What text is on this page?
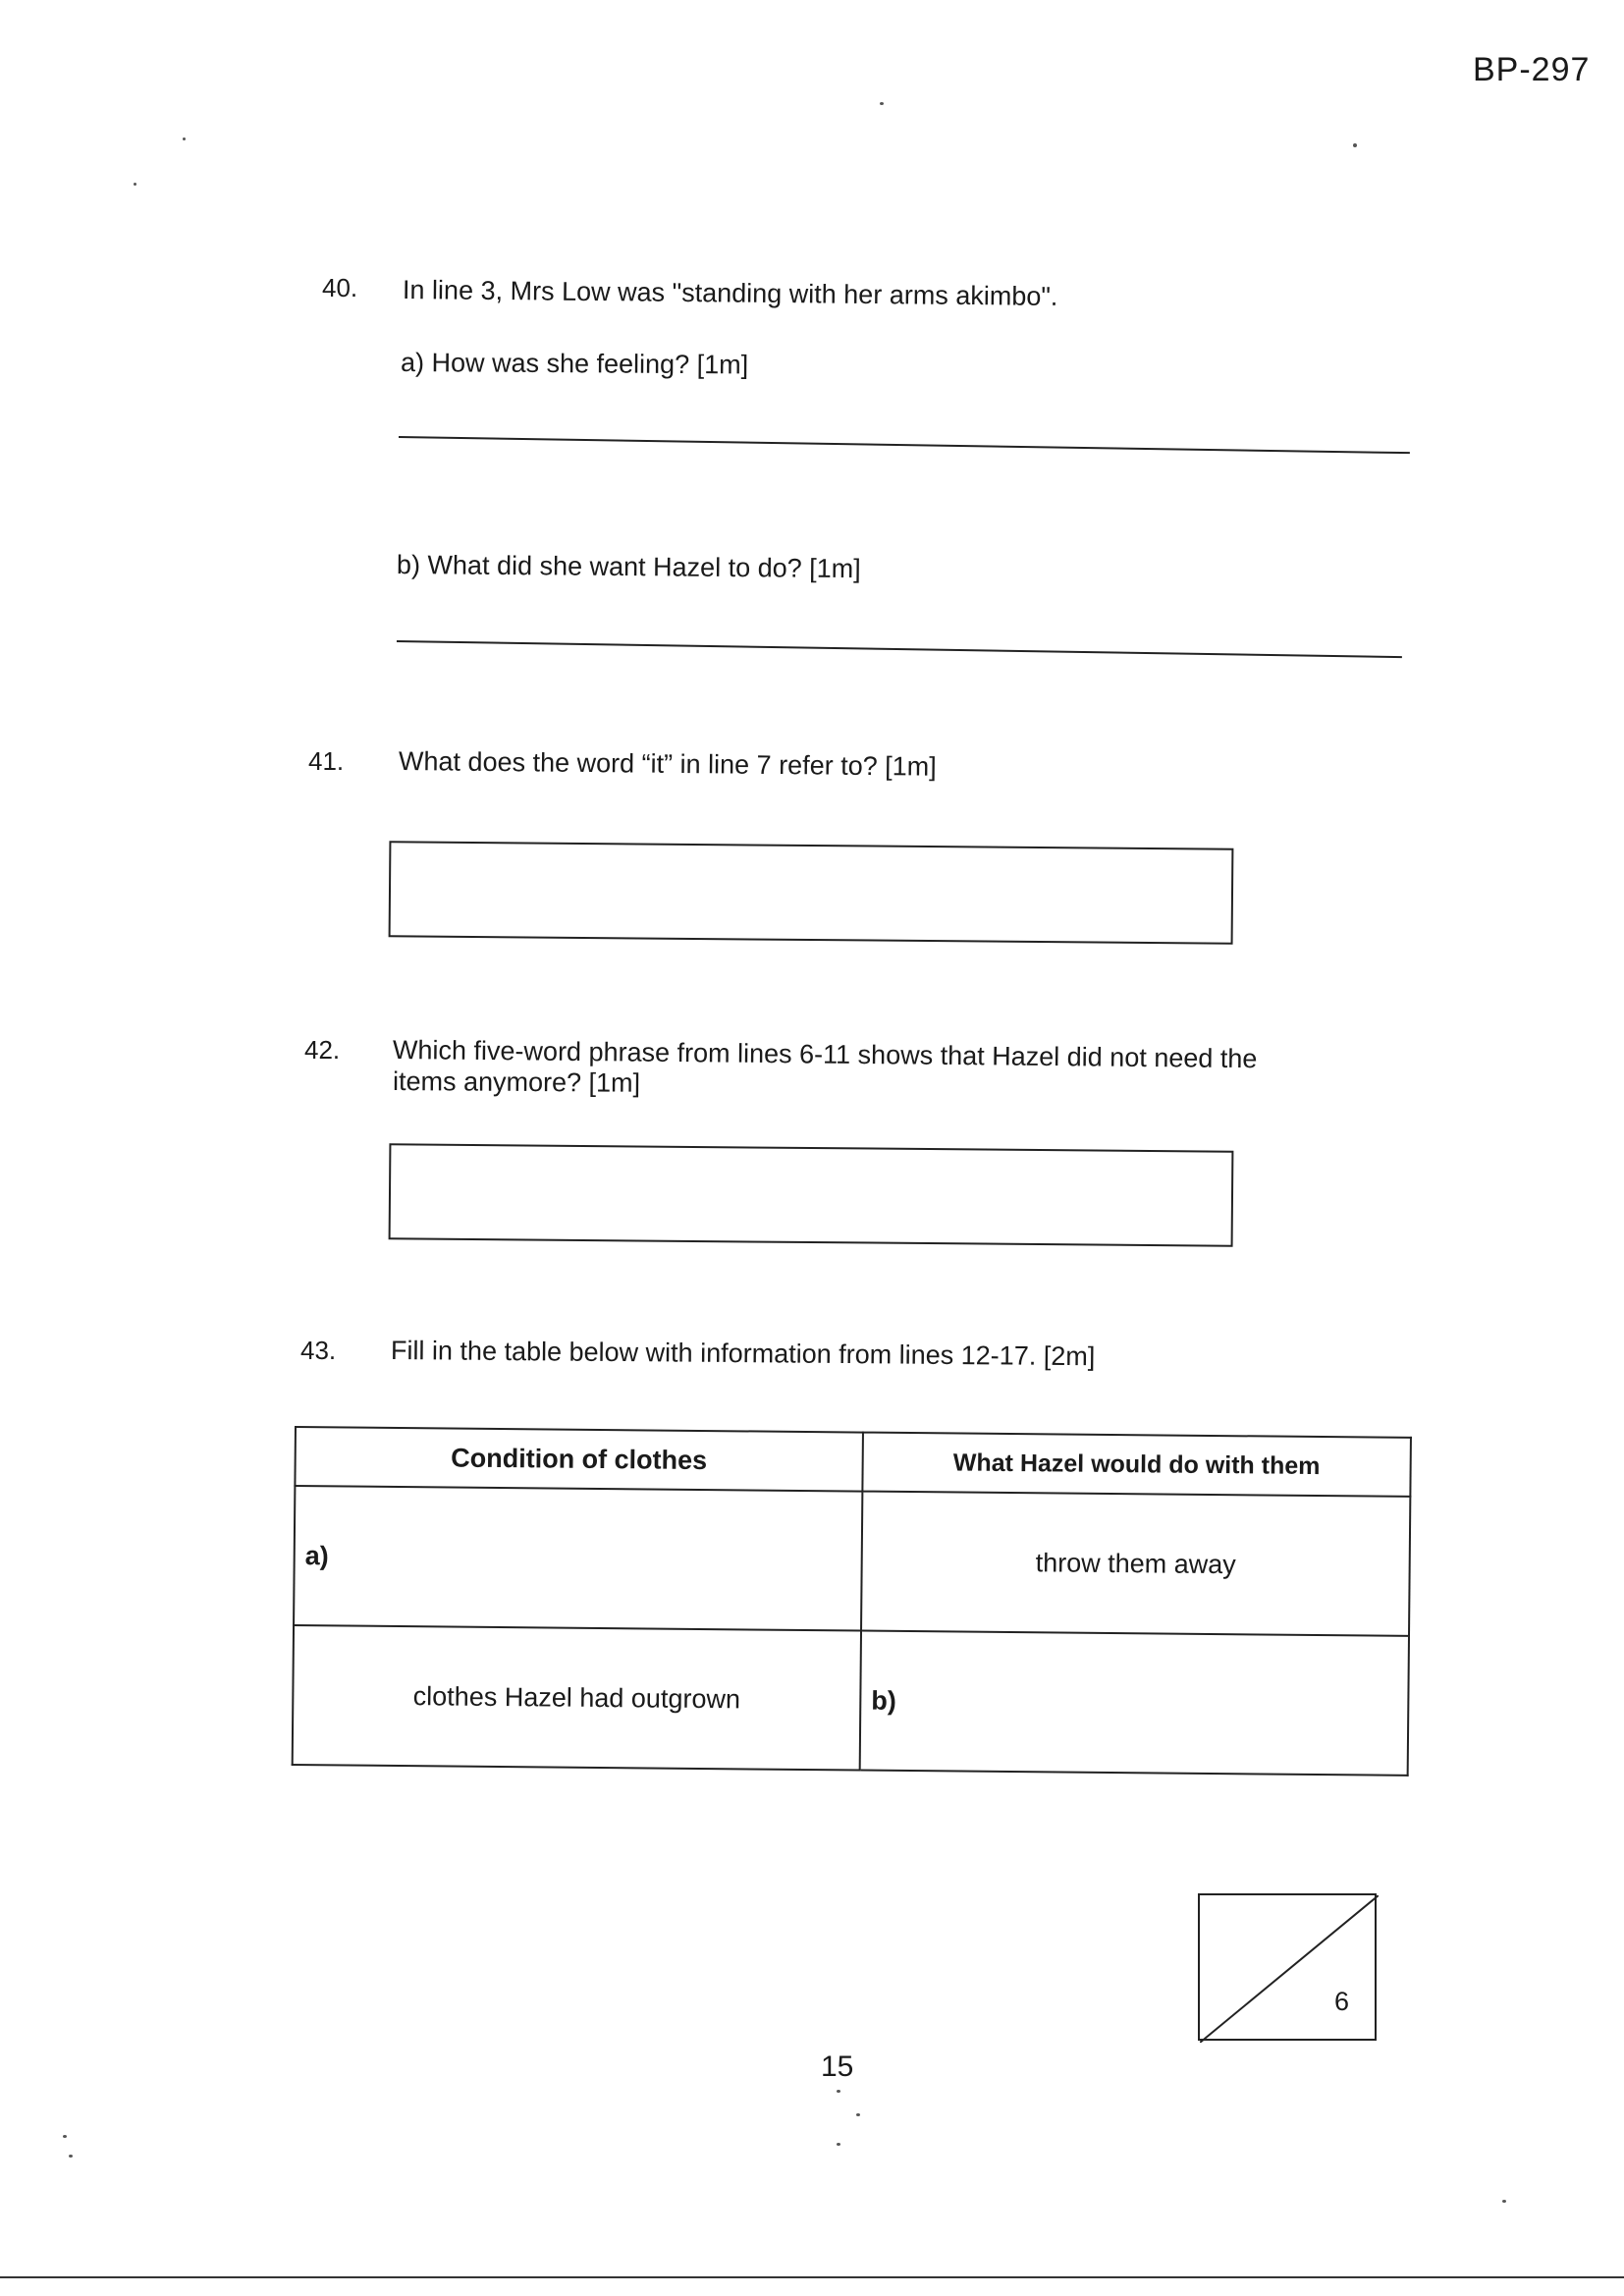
BP-297
40. In line 3, Mrs Low was "standing with her arms akimbo".
a) How was she feeling? [1m]
b) What did she want Hazel to do? [1m]
41. What does the word “it” in line 7 refer to? [1m]
42. Which five-word phrase from lines 6-11 shows that Hazel did not need the
items anymore? [1m]
43. Fill in the table below with information from lines 12-17. [2m]
Condition of clothes	What Hazel would do with them
a)	throw them away
clothes Hazel had outgrown	b)
6
15
